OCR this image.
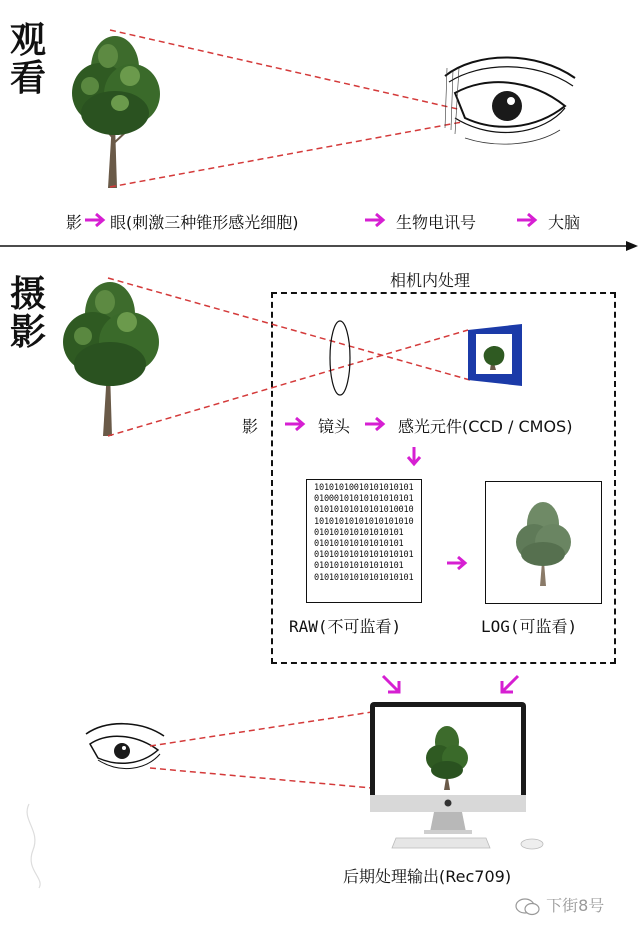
观
看
影 眼(刺激三种锥形感光细胞)	生物电讯号	大脑
摄
影
相机内处理
影	镜头	感光元件(CCD / CMOS)
10101010010101010101
01000101010101010101
01010101010101010010
10101010101010101010
010101010101010101
010101010101010101
01010101010101010101
010101010101010101
01010101010101010101
RAW(不可监看)	LOG(可监看)
后期处理输出(Rec709)
下街8号
